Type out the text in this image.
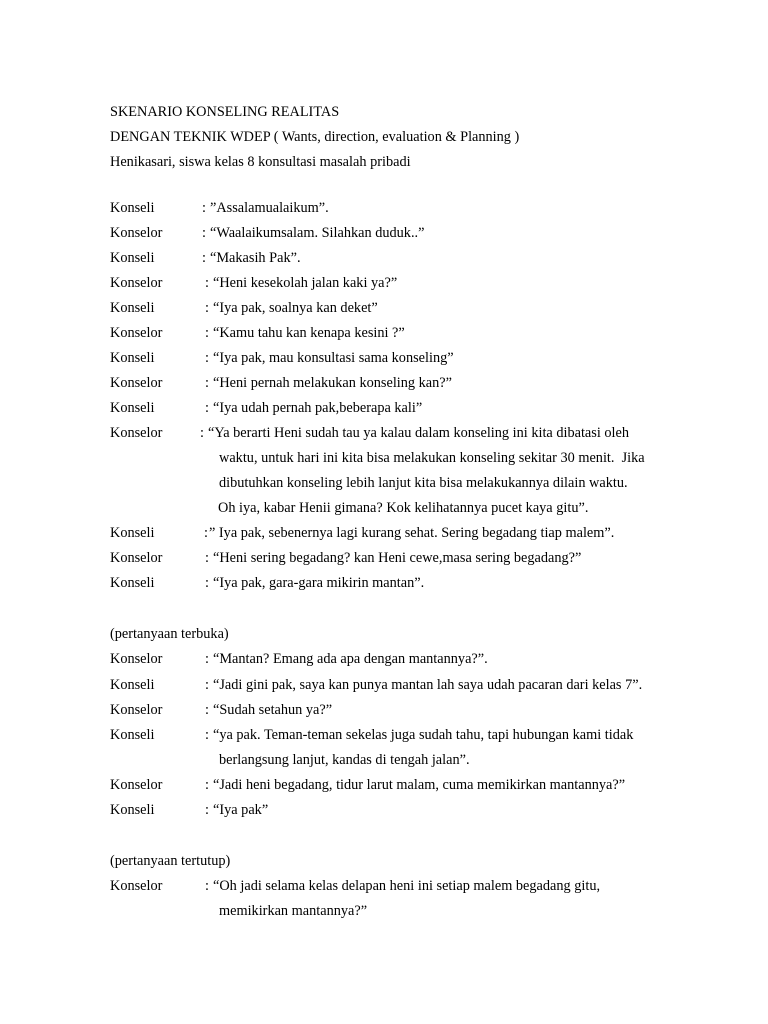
SKENARIO KONSELING REALITAS
DENGAN TEKNIK WDEP ( Wants, direction, evaluation & Planning )
Henikasari, siswa kelas 8 konsultasi masalah pribadi
Konseli	: ”Assalamualaikum”.
Konselor	: “Waalaikumsalam. Silahkan duduk..”
Konseli	: “Makasih Pak”.
Konselor	: “Heni kesekolah jalan kaki ya?”
Konseli	: “Iya pak, soalnya kan deket”
Konselor	: “Kamu tahu kan kenapa kesini ?”
Konseli	: “Iya pak, mau konsultasi sama konseling”
Konselor	: “Heni pernah melakukan konseling kan?”
Konseli	: “Iya udah pernah pak,beberapa kali”
Konselor	: “Ya berarti Heni sudah tau ya kalau dalam konseling ini kita dibatasi oleh
waktu, untuk hari ini kita bisa melakukan konseling sekitar 30 menit.  Jika
dibutuhkan konseling lebih lanjut kita bisa melakukannya dilain waktu.
Oh iya, kabar Henii gimana? Kok kelihatannya pucet kaya gitu”.
Konseli	: ” Iya pak, sebenernya lagi kurang sehat. Sering begadang tiap malem”.
Konselor	: “Heni sering begadang? kan Heni cewe,masa sering begadang?”
Konseli	: “Iya pak, gara-gara mikirin mantan”.
(pertanyaan terbuka)
Konselor	: “Mantan? Emang ada apa dengan mantannya?”.
Konseli	: “Jadi gini pak, saya kan punya mantan lah saya udah pacaran dari kelas 7”.
Konselor	: “Sudah setahun ya?”
Konseli	: “ya pak. Teman-teman sekelas juga sudah tahu, tapi hubungan kami tidak
berlangsung lanjut, kandas di tengah jalan”.
Konselor	: “Jadi heni begadang, tidur larut malam, cuma memikirkan mantannya?”
Konseli	: “Iya pak”
(pertanyaan tertutup)
Konselor	: “Oh jadi selama kelas delapan heni ini setiap malem begadang gitu,
memikirkan mantannya?”
